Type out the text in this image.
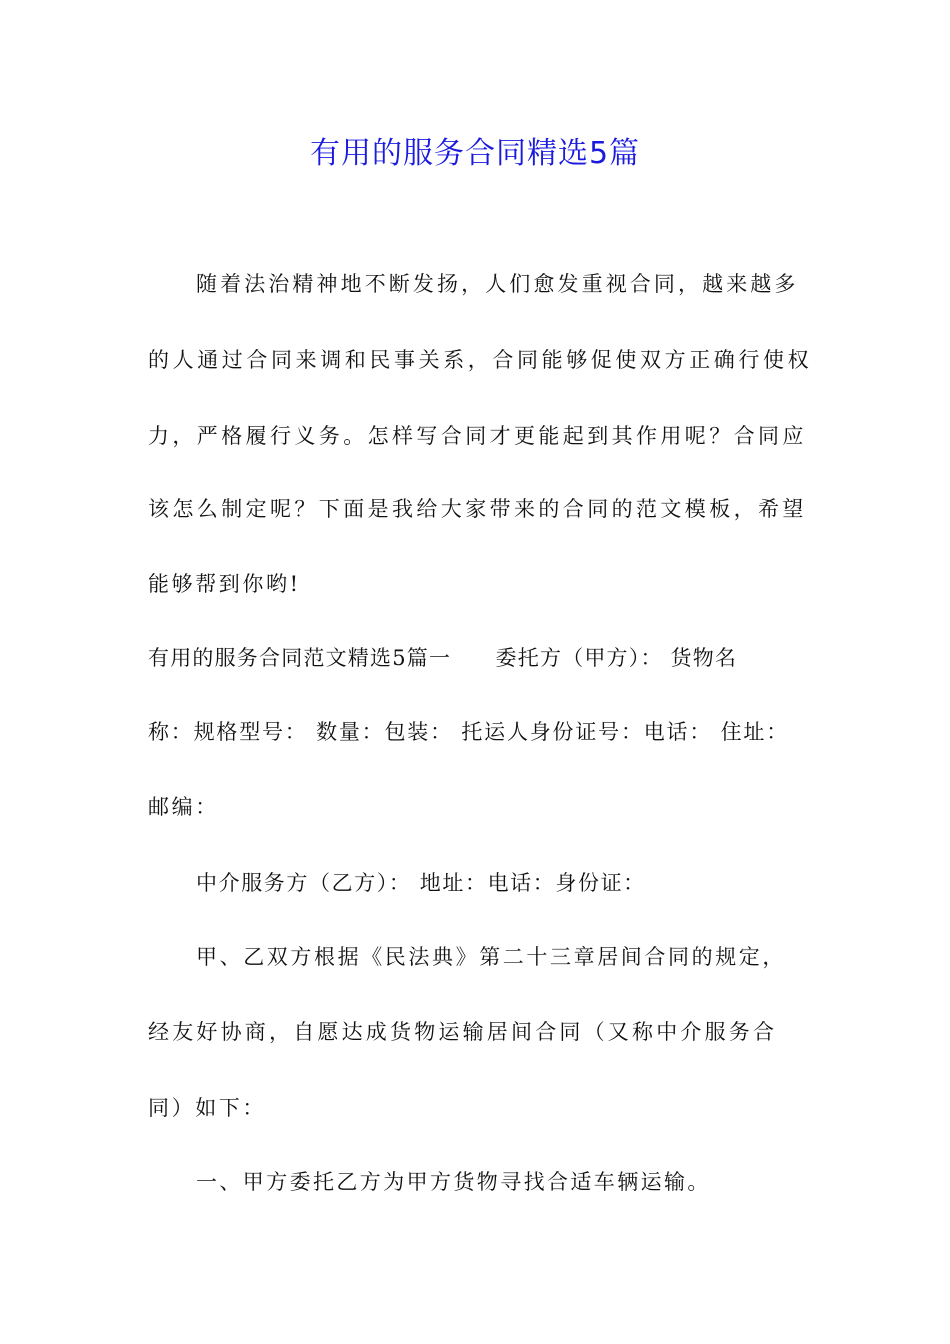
有用的服务合同精选5篇
随着法治精神地不断发扬，人们愈发重视合同，越来越多
的人通过合同来调和民事关系，合同能够促使双方正确行使权
力，严格履行义务。怎样写合同才更能起到其作用呢？合同应
该怎么制定呢？下面是我给大家带来的合同的范文模板，希望
能够帮到你哟!
有用的服务合同范文精选5篇一　　委托方（甲方）： 货物名
称：规格型号： 数量：包装： 托运人身份证号：电话： 住址：
邮编：
中介服务方（乙方）： 地址：电话：身份证：
甲、乙双方根据《民法典》第二十三章居间合同的规定，
经友好协商，自愿达成货物运输居间合同（又称中介服务合
同）如下：
一、甲方委托乙方为甲方货物寻找合适车辆运输。
